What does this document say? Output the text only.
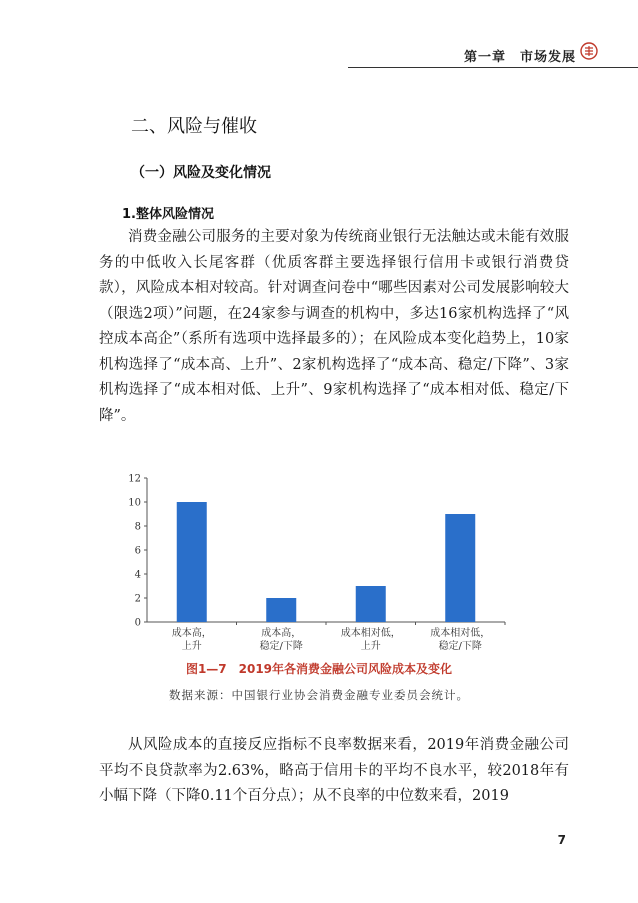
第一章　市场发展
二、风险与催收
（一）风险及变化情况
1.整体风险情况

消费金融公司服务的主要对象为传统商业银行无法触达或未能有效服务的中低收入长尾客群（优质客群主要选择银行信用卡或银行消费贷款），风险成本相对较高。针对调查问卷中“哪些因素对公司发展影响较大（限选2项）”问题，在24家参与调查的机构中，多达16家机构选择了“风控成本高企”（系所有选项中选择最多的）；在风险成本变化趋势上，10家机构选择了“成本高、上升”、2家机构选择了“成本高、稳定/下降”、3家机构选择了“成本相对低、上升”、9家机构选择了“成本相对低、稳定/下降”。

0
2
4
6
8
10
12
成本高，
上升
成本高，
稳定/下降
成本相对低，
上升
成本相对低，
稳定/下降
图1—7　2019年各消费金融公司风险成本及变化
数据来源：中国银行业协会消费金融专业委员会统计。

从风险成本的直接反应指标不良率数据来看，2019年消费金融公司平均不良贷款率为2.63%，略高于信用卡的平均不良水平，较2018年有小幅下降（下降0.11个百分点）；从不良率的中位数来看，2019

7
